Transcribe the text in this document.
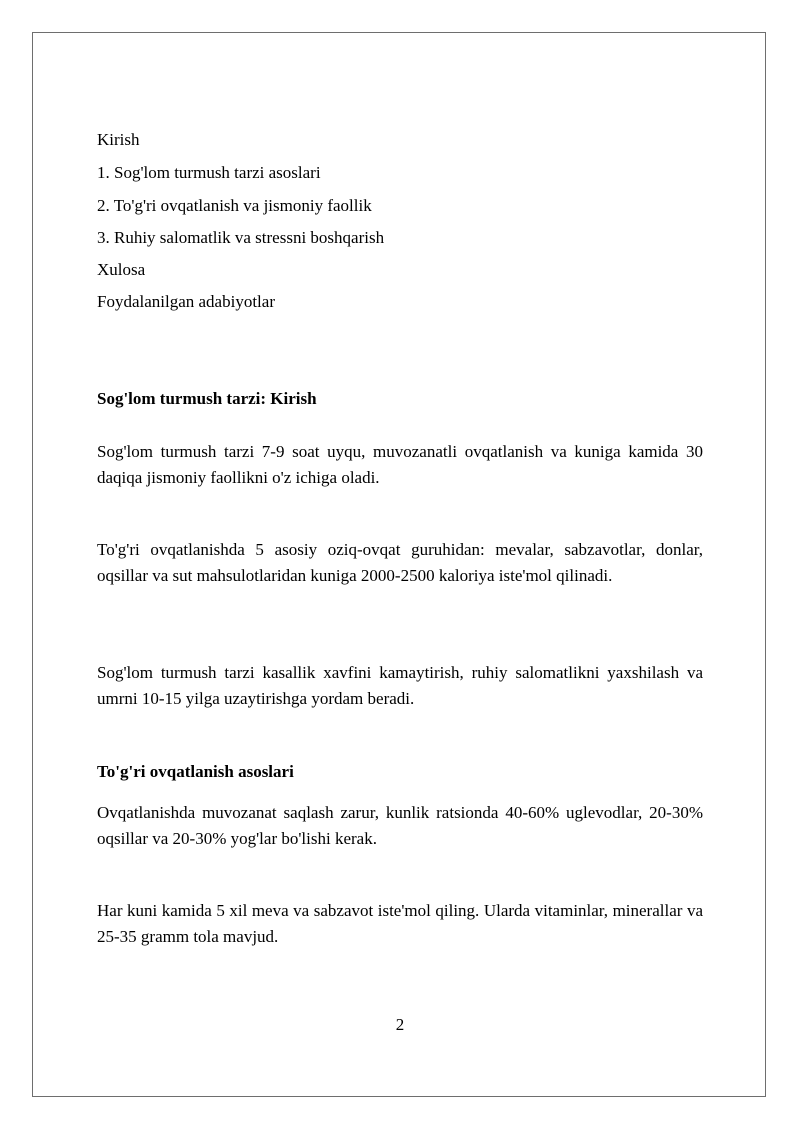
Kirish
1. Sog'lom turmush tarzi asoslari
2. To'g'ri ovqatlanish va jismoniy faollik
3. Ruhiy salomatlik va stressni boshqarish
Xulosa
Foydalanilgan adabiyotlar
Sog'lom turmush tarzi: Kirish
Sog'lom turmush tarzi 7-9 soat uyqu, muvozanatli ovqatlanish va kuniga kamida 30 daqiqa jismoniy faollikni o'z ichiga oladi.
To'g'ri ovqatlanishda 5 asosiy oziq-ovqat guruhidan: mevalar, sabzavotlar, donlar, oqsillar va sut mahsulotlaridan kuniga 2000-2500 kaloriya iste'mol qilinadi.
Sog'lom turmush tarzi kasallik xavfini kamaytirish, ruhiy salomatlikni yaxshilash va umrni 10-15 yilga uzaytirishga yordam beradi.
To'g'ri ovqatlanish asoslari
Ovqatlanishda muvozanat saqlash zarur, kunlik ratsionda 40-60% uglevodlar, 20-30% oqsillar va 20-30% yog'lar bo'lishi kerak.
Har kuni kamida 5 xil meva va sabzavot iste'mol qiling. Ularda vitaminlar, minerallar va 25-35 gramm tola mavjud.
2
